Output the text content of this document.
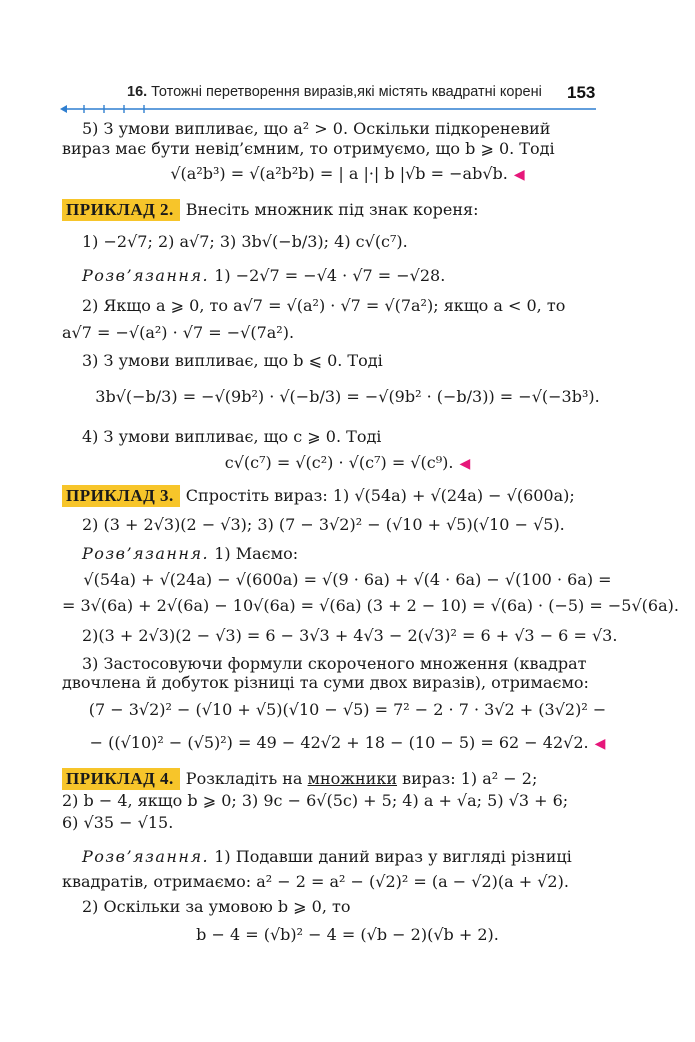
16. Тотожні перетворення виразів,які містять квадратні корені 153
5) З умови випливає, що a² > 0. Оскільки підкореневий
вираз має бути невід’ємним, то отримуємо, що b ⩾ 0. Тоді
√(a²b³) = √(a²b²b) = | a |·| b |√b = −ab√b. ◀
ПРИКЛАД 2. Внесіть множник під знак кореня:
1) −2√7; 2) a√7; 3) 3b√(−b/3); 4) c√(c⁷).
Розв’язання. 1) −2√7 = −√4 · √7 = −√28.
2) Якщо a ⩾ 0, то a√7 = √(a²) · √7 = √(7a²); якщо a < 0, то
a√7 = −√(a²) · √7 = −√(7a²).
3) З умови випливає, що b ⩽ 0. Тоді
3b√(−b/3) = −√(9b²) · √(−b/3) = −√(9b² · (−b/3)) = −√(−3b³).
4) З умови випливає, що c ⩾ 0. Тоді
c√(c⁷) = √(c²) · √(c⁷) = √(c⁹). ◀
ПРИКЛАД 3. Спростіть вираз: 1) √(54a) + √(24a) − √(600a);
2) (3 + 2√3)(2 − √3); 3) (7 − 3√2)² − (√10 + √5)(√10 − √5).
Розв’язання. 1) Маємо:
√(54a) + √(24a) − √(600a) = √(9 · 6a) + √(4 · 6a) − √(100 · 6a) =
= 3√(6a) + 2√(6a) − 10√(6a) = √(6a) (3 + 2 − 10) = √(6a) · (−5) = −5√(6a).
2)(3 + 2√3)(2 − √3) = 6 − 3√3 + 4√3 − 2(√3)² = 6 + √3 − 6 = √3.
3) Застосовуючи формули скороченого множення (квадрат
двочлена й добуток різниці та суми двох виразів), отримаємо:
(7 − 3√2)² − (√10 + √5)(√10 − √5) = 7² − 2 · 7 · 3√2 + (3√2)² −
− ((√10)² − (√5)²) = 49 − 42√2 + 18 − (10 − 5) = 62 − 42√2. ◀
ПРИКЛАД 4. Розкладіть на множники вираз: 1) a² − 2;
2) b − 4, якщо b ⩾ 0; 3) 9c − 6√(5c) + 5; 4) a + √a; 5) √3 + 6;
6) √35 − √15.
Розв’язання. 1) Подавши даний вираз у вигляді різниці
квадратів, отримаємо: a² − 2 = a² − (√2)² = (a − √2)(a + √2).
2) Оскільки за умовою b ⩾ 0, то
b − 4 = (√b)² − 4 = (√b − 2)(√b + 2).
